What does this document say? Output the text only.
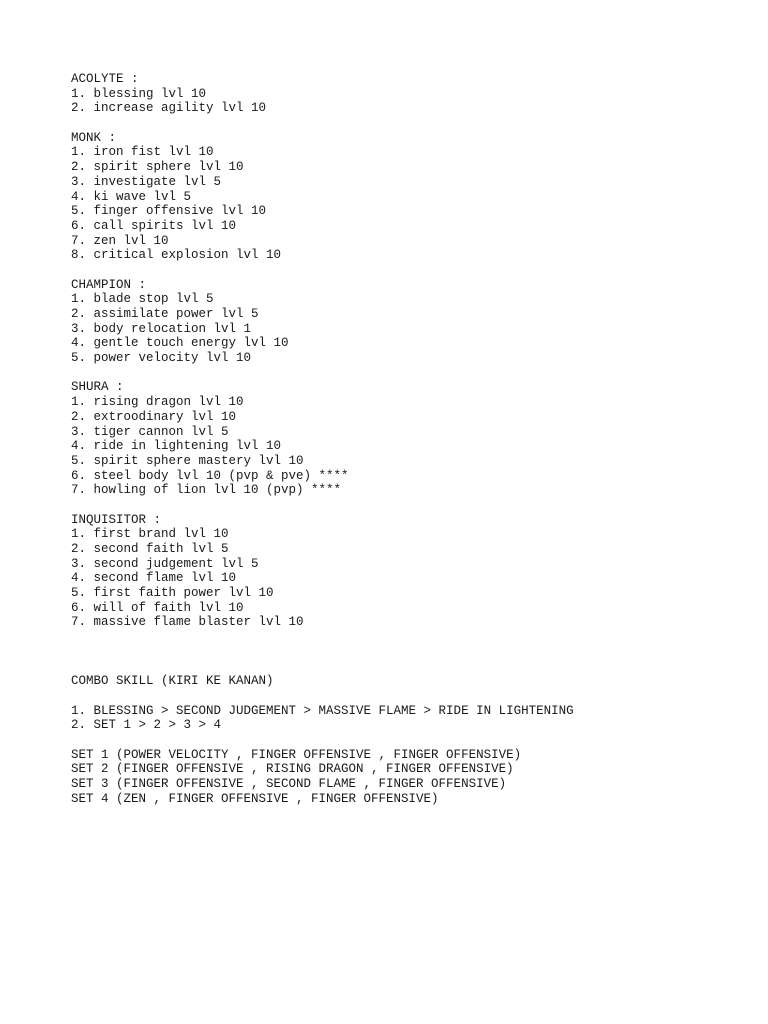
ACOLYTE :
1. blessing lvl 10
2. increase agility lvl 10
MONK :
1. iron fist lvl 10
2. spirit sphere lvl 10
3. investigate lvl 5
4. ki wave lvl 5
5. finger offensive lvl 10
6. call spirits lvl 10
7. zen lvl 10
8. critical explosion lvl 10
CHAMPION :
1. blade stop lvl 5
2. assimilate power lvl 5
3. body relocation lvl 1
4. gentle touch energy lvl 10
5. power velocity lvl 10
SHURA :
1. rising dragon lvl 10
2. extroodinary lvl 10
3. tiger cannon lvl 5
4. ride in lightening lvl 10
5. spirit sphere mastery lvl 10
6. steel body lvl 10 (pvp & pve) ****
7. howling of lion lvl 10 (pvp) ****
INQUISITOR :
1. first brand lvl 10
2. second faith lvl 5
3. second judgement lvl 5
4. second flame lvl 10
5. first faith power lvl 10
6. will of faith lvl 10
7. massive flame blaster lvl 10
COMBO SKILL (KIRI KE KANAN)
1. BLESSING > SECOND JUDGEMENT > MASSIVE FLAME > RIDE IN LIGHTENING
2. SET 1 > 2 > 3 > 4
SET 1 (POWER VELOCITY , FINGER OFFENSIVE , FINGER OFFENSIVE)
SET 2 (FINGER OFFENSIVE , RISING DRAGON , FINGER OFFENSIVE)
SET 3 (FINGER OFFENSIVE , SECOND FLAME , FINGER OFFENSIVE)
SET 4 (ZEN , FINGER OFFENSIVE , FINGER OFFENSIVE)
